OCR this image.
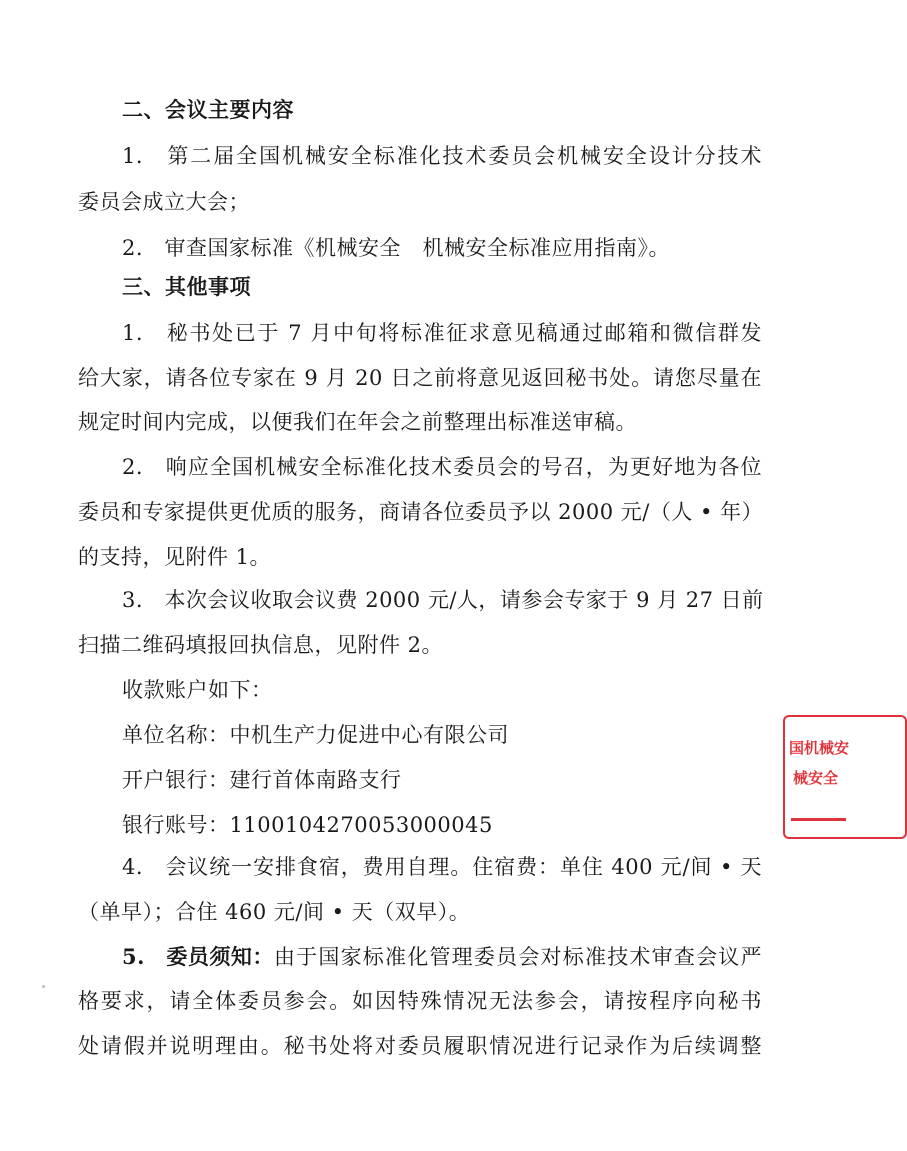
二、会议主要内容
1.　第二届全国机械安全标准化技术委员会机械安全设计分技术
委员会成立大会；
2.　审查国家标准《机械安全　机械安全标准应用指南》。
三、其他事项
1.　秘书处已于 7 月中旬将标准征求意见稿通过邮箱和微信群发
给大家，请各位专家在 9 月 20 日之前将意见返回秘书处。请您尽量在
规定时间内完成，以便我们在年会之前整理出标准送审稿。
2.　响应全国机械安全标准化技术委员会的号召，为更好地为各位
委员和专家提供更优质的服务，商请各位委员予以 2000 元/（人 • 年）
的支持，见附件 1。
3.　本次会议收取会议费 2000 元/人，请参会专家于 9 月 27 日前
扫描二维码填报回执信息，见附件 2。
收款账户如下：
单位名称：中机生产力促进中心有限公司
开户银行：建行首体南路支行
银行账号：1100104270053000045
4.　会议统一安排食宿，费用自理。住宿费：单住 400 元/间 • 天
（单早）；合住 460 元/间 • 天（双早）。
5.　委员须知： 由于国家标准化管理委员会对标准技术审查会议严
格要求，请全体委员参会。如因特殊情况无法参会，请按程序向秘书
处请假并说明理由。秘书处将对委员履职情况进行记录作为后续调整
国机械安
械安全
